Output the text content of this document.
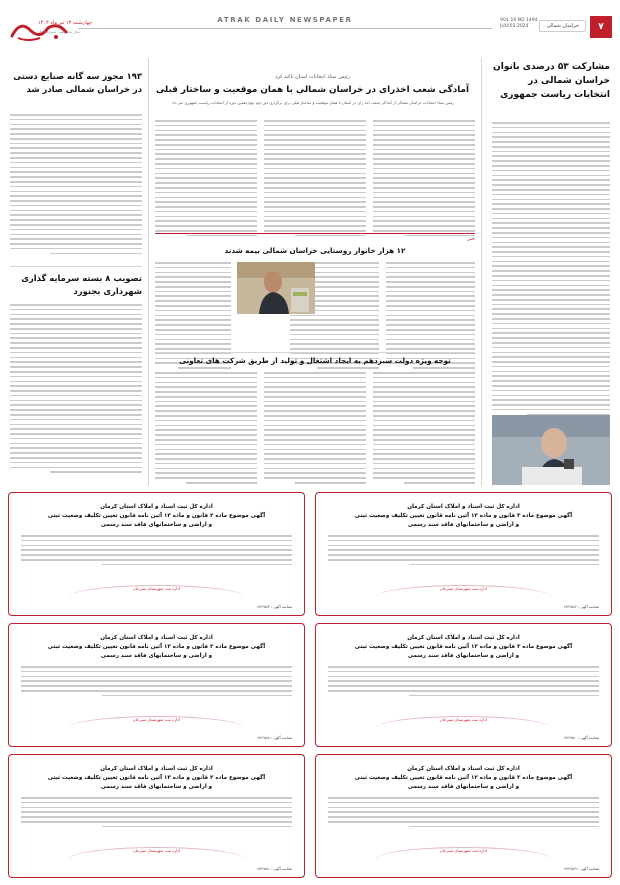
چهارشنبه ۱۳ تیر ماه ۱۴۰۳
سال شانزدهم - شماره ۱۴۹۴
ATRAK DAILY NEWSPAPER	VOL 16 NO 1494
JULY.03.2024	خراسان شمالی	۷
مشارکت ۵۳ درصدی بانوان خراسان شمالی در انتخابات ریاست جمهوری
رئیس ستاد انتخابات استان تاکید کرد
آمادگی شعب اخذرای در خراسان شمالی با همان موقعیت و ساختار قبلی
رئیس ستاد انتخابات خراسان شمالی از آمادگی شعب اخذ رای در استان با همان موقعیت و ساختار قبلی برای برگزاری دور دوم چهاردهمین دوره از انتخابات ریاست جمهوری خبر داد.
خبر
۱۲ هزار خانوار روستایی خراسان شمالی بیمه شدند
توجه ویژه دولت سیزدهم به ایجاد اشتغال و تولید از طریق شرکت های تعاونی
۱۹۳ مجوز سه گانه صنایع دستی در خراسان شمالی صادر شد
تصویب ۸ بسته سرمایه گذاری شهرداری بجنورد
اداره کل ثبت اسناد و املاک استان کرمان
آگهی موضوع ماده ۳ قانون و ماده ۱۳ آئین نامه قانون تعیین تکلیف وضعیت ثبتی
و اراضی و ساختمانهای فاقد سند رسمی
اداره ثبت شهرستان سیرجان
شناسه آگهی : ۱۷۳۶۵۸۲
اداره کل ثبت اسناد و املاک استان کرمان
آگهی موضوع ماده ۳ قانون و ماده ۱۳ آئین نامه قانون تعیین تکلیف وضعیت ثبتی
و اراضی و ساختمانهای فاقد سند رسمی
اداره ثبت شهرستان سیرجان
شناسه آگهی : ۱۷۳۶۵۸۴
اداره کل ثبت اسناد و املاک استان کرمان
آگهی موضوع ماده ۳ قانون و ماده ۱۳ آئین نامه قانون تعیین تکلیف وضعیت ثبتی
و اراضی و ساختمانهای فاقد سند رسمی
اداره ثبت شهرستان سیرجان
شناسه آگهی : ۱۷۳۶۵۸۰
اداره کل ثبت اسناد و املاک استان کرمان
آگهی موضوع ماده ۳ قانون و ماده ۱۳ آئین نامه قانون تعیین تکلیف وضعیت ثبتی
و اراضی و ساختمانهای فاقد سند رسمی
اداره ثبت شهرستان سیرجان
شناسه آگهی : ۱۷۳۶۵۸۸
اداره کل ثبت اسناد و املاک استان کرمان
آگهی موضوع ماده ۳ قانون و ماده ۱۳ آئین نامه قانون تعیین تکلیف وضعیت ثبتی
و اراضی و ساختمانهای فاقد سند رسمی
اداره ثبت شهرستان سیرجان
شناسه آگهی : ۱۷۳۶۵۸۹
اداره کل ثبت اسناد و املاک استان کرمان
آگهی موضوع ماده ۳ قانون و ماده ۱۳ آئین نامه قانون تعیین تکلیف وضعیت ثبتی
و اراضی و ساختمانهای فاقد سند رسمی
اداره ثبت شهرستان سیرجان
شناسه آگهی : ۱۷۳۶۵۸۱
